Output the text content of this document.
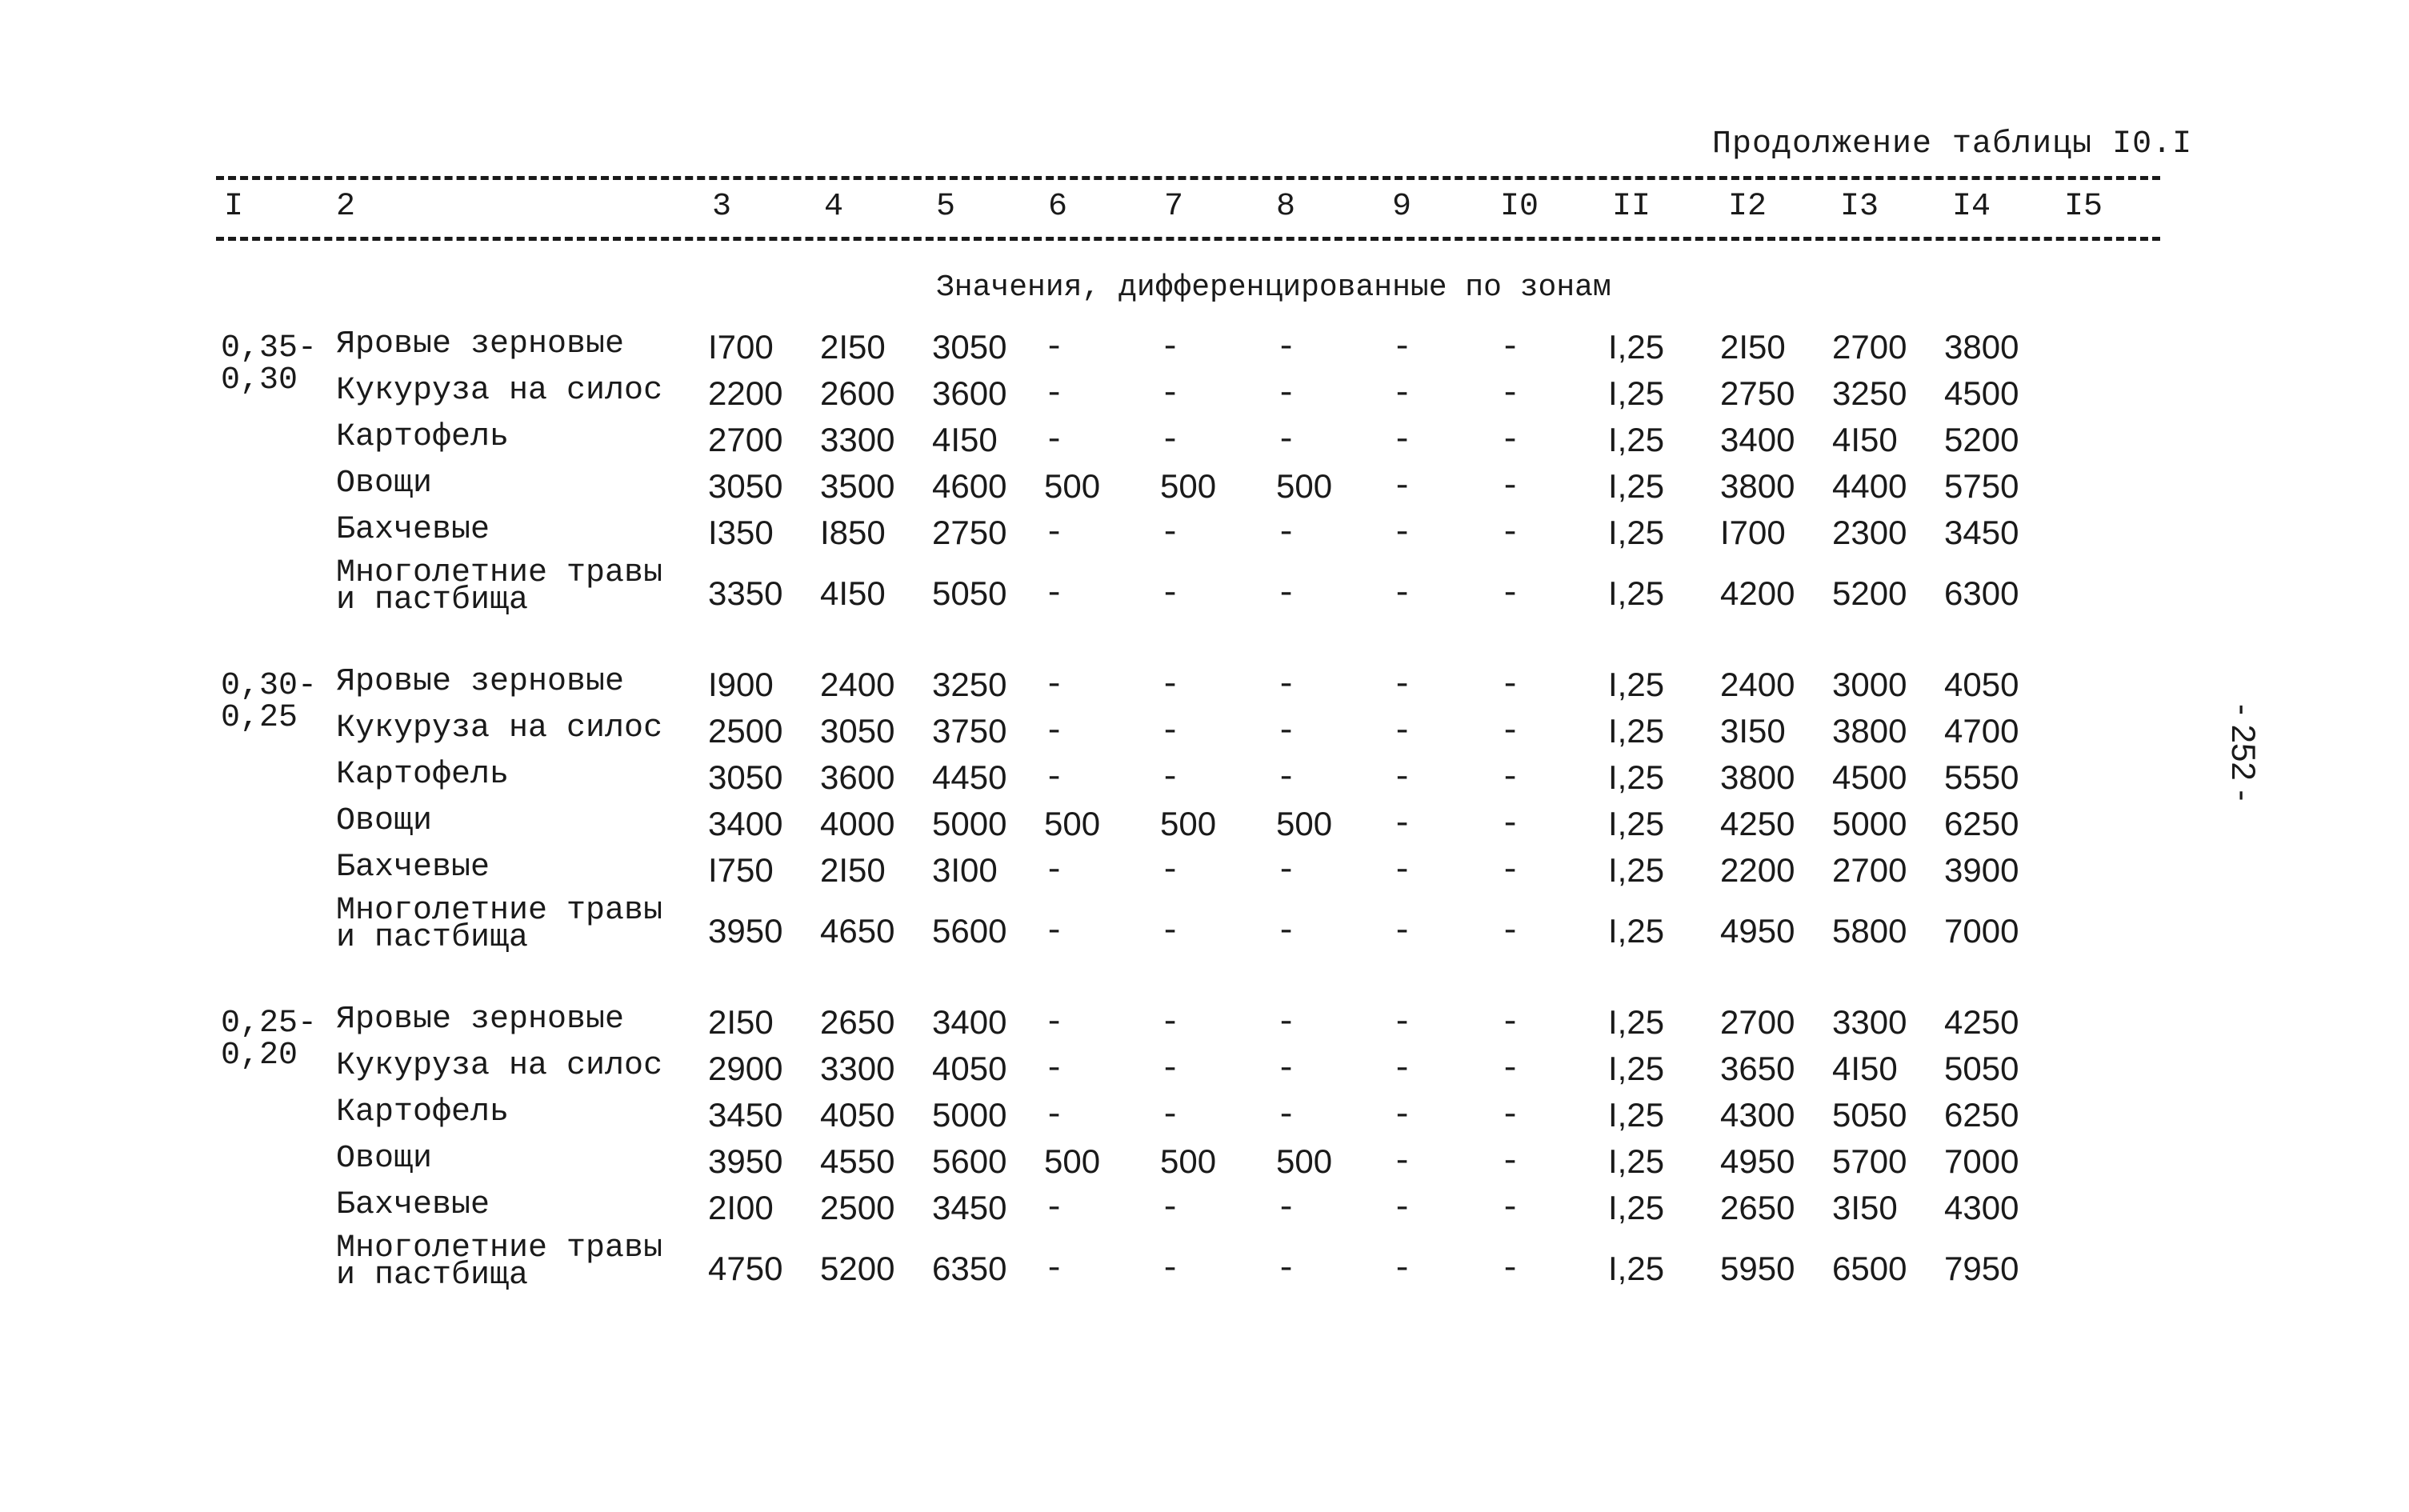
Продолжение таблицы I0.I
I	2	3	4	5	6	7	8	9	I0 II I2 I3 I4 I5
Значения, дифференцированные по зонам
0,35-
0,30
Яровые зерновые I700 2I50 3050 -	-	-	-	-	I,25 2I50 2700 3800
Кукуруза на силос 2200 2600 3600 -	-	-	-	-	I,25 2750 3250 4500
Картофель	2700 3300 4I50 -	-	-	-	-	I,25 3400 4I50 5200
Овощи	3050 3500 4600 500 500 500 -	-	I,25 3800 4400 5750
Бахчевые	I350 I850 2750 -	-	-	-	-	I,25 I700 2300 3450
Многолетние травы
и пастбища	3350 4I50 5050 -	-	-	-	-	I,25 4200 5200 6300
0,30-
0,25
Яровые зерновые I900 2400 3250 -	-	-	-	-	I,25 2400 3000 4050
Кукуруза на силос 2500 3050 3750 -	-	-	-	-	I,25 3I50 3800 4700
Картофель	3050 3600 4450 -	-	-	-	-	I,25 3800 4500 5550
Овощи	3400 4000 5000 500 500 500 -	-	I,25 4250 5000 6250
Бахчевые	I750 2I50 3I00 -	-	-	-	-	I,25 2200 2700 3900
Многолетние травы
и пастбища	3950 4650 5600 -	-	-	-	-	I,25 4950 5800 7000
0,25-
0,20
Яровые зерновые 2I50 2650 3400 -	-	-	-	-	I,25 2700 3300 4250
Кукуруза на силос 2900 3300 4050 -	-	-	-	-	I,25 3650 4I50 5050
Картофель	3450 4050 5000 -	-	-	-	-	I,25 4300 5050 6250
Овощи	3950 4550 5600 500 500 500 -	-	I,25 4950 5700 7000
Бахчевые	2I00 2500 3450 -	-	-	-	-	I,25 2650 3I50 4300
Многолетние травы
и пастбища	4750 5200 6350 -	-	-	-	-	I,25 5950 6500 7950
- 252 -
